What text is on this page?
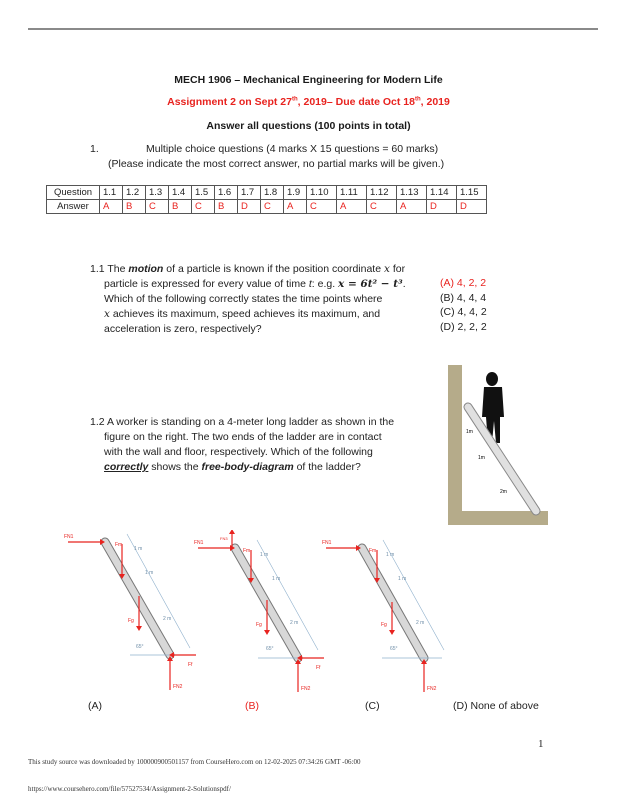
MECH 1906 – Mechanical Engineering for Modern Life
Assignment 2 on Sept 27th, 2019– Due date Oct 18th, 2019
Answer all questions (100 points in total)
1.	Multiple choice questions (4 marks X 15 questions = 60 marks)
(Please indicate the most correct answer, no partial marks will be given.)
Question	1.1	1.2	1.3	1.4	1.5	1.6	1.7	1.8	1.9	1.10	1.11	1.12	1.13	1.14	1.15
Answer	A	B	C	B	C	B	D	C	A	C	A	C	A	D	D
1.1 The motion of a particle is known if the position coordinate x for
particle is expressed for every value of time t: e.g. x = 6t² − t³.
Which of the following correctly states the time points where
x achieves its maximum, speed achieves its maximum, and
acceleration is zero, respectively?
(A) 4, 2, 2
(B) 4, 4, 4
(C) 4, 4, 2
(D) 2, 2, 2
1m
1m
2m
1.2 A worker is standing on a 4-meter long ladder as shown in the
figure on the right. The two ends of the ladder are in contact
with the wall and floor, respectively. Which of the following
correctly shows the free-body-diagram of the ladder?
65°
1 m
1 m
2 m
FN1
Fm
Fg
Ff
FN2
65°
1 m
1 m
2 m
FN1
FN3
Fm
Fg
Ff
FN2
65°
1 m
1 m
2 m
FN1
Fm
Fg
FN2
(A)	(B)	(C)	(D) None of above
1
This study source was downloaded by 100000900501157 from CourseHero.com on 12-02-2025 07:34:26 GMT -06:00
https://www.coursehero.com/file/57527534/Assignment-2-Solutionspdf/
